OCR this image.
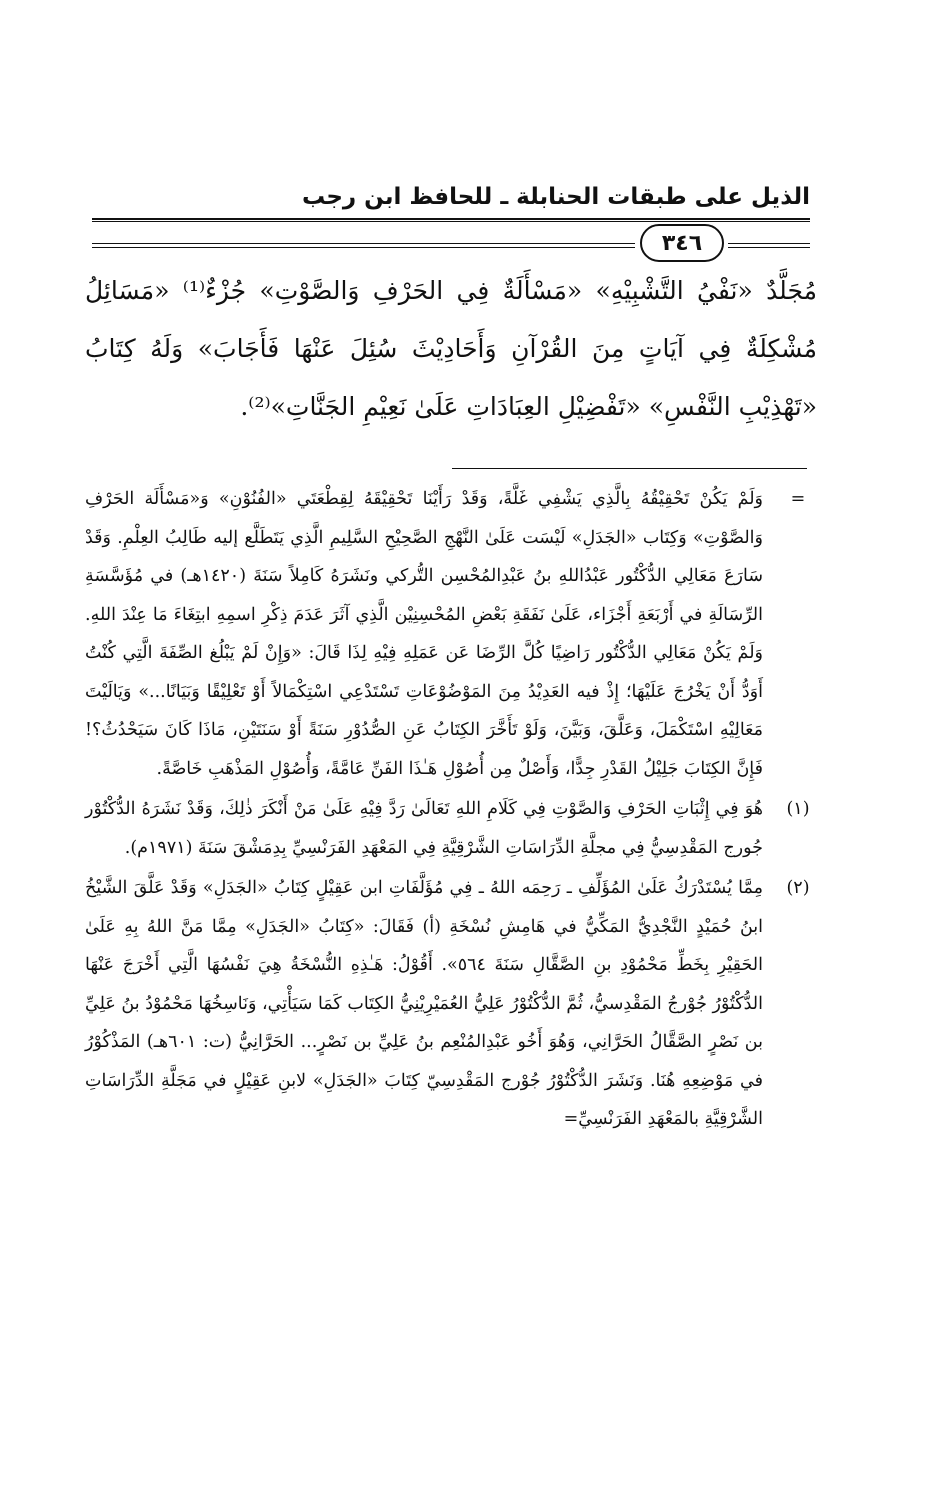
الذيل على طبقات الحنابلة ـ للحافظ ابن رجب
٣٤٦

مُجَلَّدٌ «نَفْيُ التَّشْبِيْهِ» «مَسْأَلَةٌ فِي الحَرْفِ وَالصَّوْتِ» جُزْءٌ⁽¹⁾ «مَسَائِلُ مُشْكِلَةٌ فِي آيَاتٍ مِنَ القُرْآنِ وَأَحَادِيْثَ سُئِلَ عَنْهَا فَأَجَابَ» وَلَهُ كِتَابُ «تَهْذِيْبِ النَّفْسِ» «تَفْضِيْلِ العِبَادَاتِ عَلَىٰ نَعِيْمِ الجَنَّاتِ»⁽²⁾.

=
وَلَمْ يَكُنْ تَحْقِيْقُهُ بِالَّذِي يَشْفِي غَلَّةً، وَقَدْ رَأَيْنَا تَحْقِيْقَهُ لِقِطْعَتَي «الفُنُوْنِ» وَ«مَسْأَلَة الحَرْفِ وَالصَّوْتِ» وَكِتَاب «الجَدَلِ» لَيْسَت عَلَىٰ النَّهْجِ الصَّحِيْحِ السَّلِيمِ الَّذِي يَتَطَلَّع إليه طَالِبُ العِلْمِ. وَقَدْ سَارَعَ مَعَالِي الدُّكْتُور عَبْدُاللهِ بنُ عَبْدِالمُحْسِن التُّركي ونَشَرَهُ كَامِلاً سَنَةَ (١٤٢٠هـ) في مُؤَسَّسَةِ الرِّسَالَةِ في أَرْبَعَةِ أَجْزَاء، عَلَىٰ نَفَقَةِ بَعْضِ المُحْسِنِيْن الَّذِي آثَرَ عَدَمَ ذِكْرِ اسمِهِ ابتِغَاءَ مَا عِنْدَ اللهِ. وَلَمْ يَكُنْ مَعَالِي الدُّكْتُور رَاضِيًا كُلَّ الرِّضَا عَن عَمَلِهِ فِيْهِ لِذَا قَالَ: «وَإِنْ لَمْ يَبْلُغ الصِّفَةَ الَّتِي كُنْتُ أَوَدُّ أَنْ يَخْرُجَ عَلَيْهَا؛ إِذْ فيه العَدِيْدُ مِنَ المَوْضُوْعَاتِ تَسْتَدْعِي اسْتِكْمَالاً أَوْ تَعْلِيْقًا وَبَيَانًا...» وَيَالَيْتَ مَعَالِيْهِ اسْتَكْمَلَ، وَعَلَّقَ، وَبَيَّنَ، وَلَوْ تَأَخَّرَ الكِتَابُ عَنِ الصُّدُوْرِ سَنَةً أَوْ سَنَتَيْنِ، مَاذَا كَانَ سَيَحْدُثُ؟! فَإِنَّ الكِتَابَ جَلِيْلُ القَدْرِ جِدًّا، وَأَصْلٌ مِن أُصُوْلِ هَـٰذَا الفَنِّ عَامَّةً، وَأُصُوْلِ المَذْهَبِ خَاصَّةً.

(١)
هُوَ فِي إِثْبَاتِ الحَرْفِ وَالصَّوْتِ فِي كَلَامِ اللهِ تَعَالَىٰ رَدَّ فِيْهِ عَلَىٰ مَنْ أَنْكَرَ ذٰلِكَ، وَقَدْ نَشَرَهُ الدُّكْتُوْر جُورج المَقْدِسِيُّ فِي مجلَّةِ الدِّرَاسَاتِ الشَّرْقِيَّةِ فِي المَعْهَدِ الفَرَنْسِيِّ بِدِمَشْقَ سَنَةَ (١٩٧١م).

(٢)
مِمَّا يُسْتَدْرَكُ عَلَىٰ المُؤَلِّفِ ـ رَحِمَه اللهُ ـ فِي مُؤَلَّفَاتِ ابن عَقِيْلٍ كِتَابُ «الجَدَلِ» وَقَدْ عَلَّقَ الشَّيْخُ ابنُ حُمَيْدٍ النَّجْدِيُّ المَكِّيُّ في هَامِشِ نُسْخَةِ (أ) فَقَالَ: «كِتَابُ «الجَدَلِ» مِمَّا مَنَّ اللهُ بِهِ عَلَىٰ الحَقِيْرِ بِخَطِّ مَحْمُوْدِ بنِ الصَّقَّالِ سَنَةَ ٥٦٤». أَقُوْلُ: هَـٰذِهِ النُّسْخَةُ هِيَ نَفْسُهَا الَّتِي أَخْرَجَ عَنْهَا الدُّكْتُوْرُ جُوْرجُ المَقْدِسيُّ، ثُمَّ الدُّكْتُوْرُ عَلِيُّ العُمَيْرِيْنِيُّ الكِتَاب كَمَا سَيَأْتِي، وَنَاسِخُهَا مَحْمُوْدُ بنُ عَلِيِّ بن نَصْرٍ الصَّقَّالُ الحَرَّانِي، وَهُوَ أَخُو عَبْدِالمُنْعِم بنُ عَلِيِّ بن نَصْرٍ... الحَرَّانِيُّ (ت: ٦٠١هـ) المَذْكُوْرُ في مَوْضِعِهِ هُنَا. وَنَشَرَ الدُّكْتُوْرُ جُوْرج المَقْدِسِيّ كِتَابَ «الجَدَلِ» لابنِ عَقِيْلٍ في مَجَلَّةِ الدِّرَاسَاتِ الشَّرْقِيَّةِ بالمَعْهَدِ الفَرَنْسِيِّ=
